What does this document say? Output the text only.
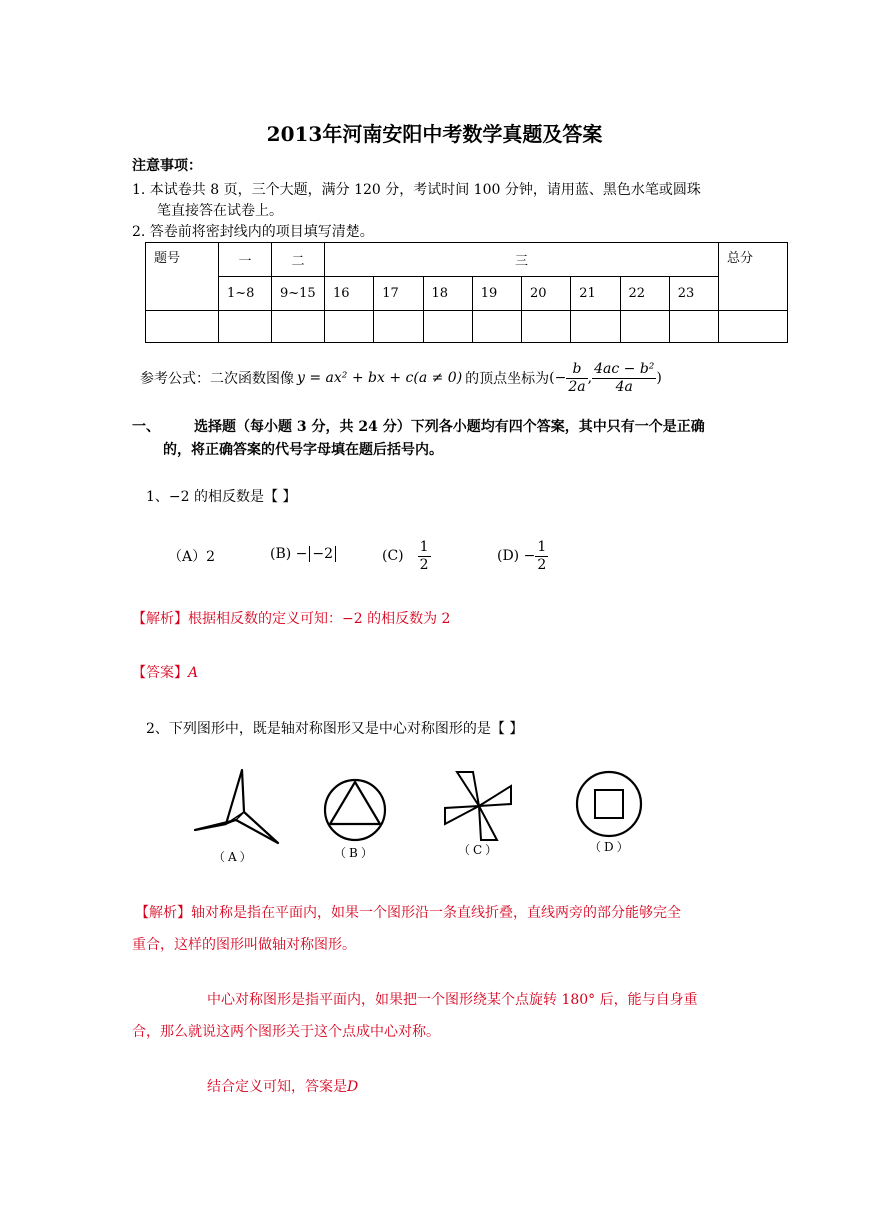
2013年河南安阳中考数学真题及答案
注意事项：
1. 本试卷共 8 页，三个大题，满分 120 分，考试时间 100 分钟，请用蓝、黑色水笔或圆珠
笔直接答在试卷上。
2. 答卷前将密封线内的项目填写清楚。
题号	一	二	三								总分
	1~8	9~15	16	17	18	19	20	21	22	23	

参考公式：二次函数图像 y = ax² + bx + c(a ≠ 0) 的顶点坐标为 (− $\frac{b}{2a}$ , $\frac{\text{4ac − b²}}{4a}$ )
一、 选择题（每小题 3 分，共 24 分）下列各小题均有四个答案，其中只有一个是正确
的，将正确答案的代号字母填在题后括号内。
1、−2 的相反数是【 】
（A）2	(B) − −2	$(C) \frac{1}{2}$	$(D) - \frac{1}{2}$
【解析】根据相反数的定义可知：−2 的相反数为 2
【答案】A
2、下列图形中，既是轴对称图形又是中心对称图形的是【 】
（A）	（B）	（C）	（D）
【解析】轴对称是指在平面内，如果一个图形沿一条直线折叠，直线两旁的部分能够完全
重合，这样的图形叫做轴对称图形。
中心对称图形是指平面内，如果把一个图形绕某个点旋转 180° 后，能与自身重
合，那么就说这两个图形关于这个点成中心对称。
结合定义可知，答案是D
